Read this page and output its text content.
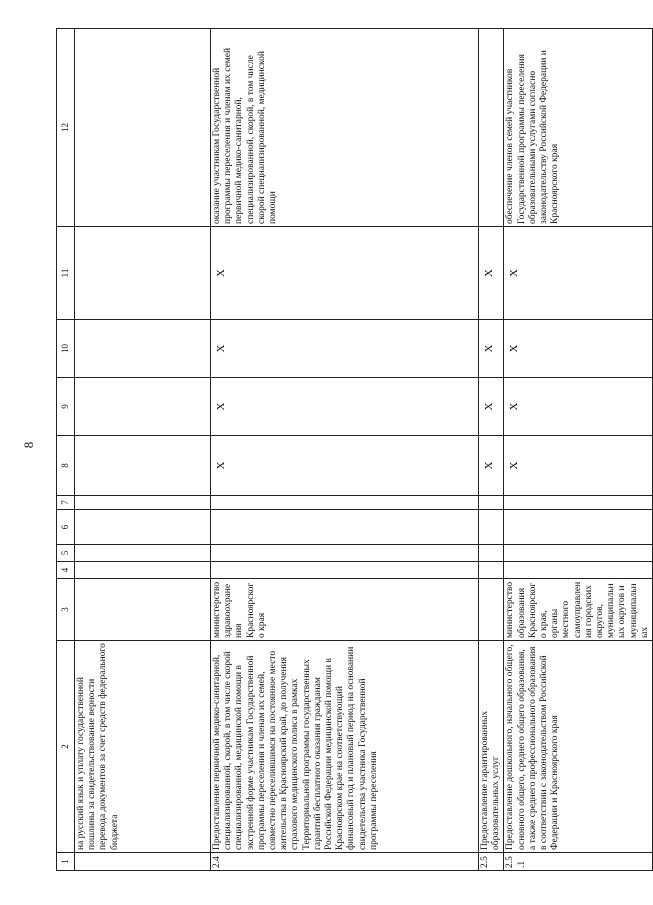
8
1	2	3	4	5	6	7	8	9	10	11	12
	на русский язык и уплату государственной пошлины за свидетельствование верности перевода документов за счет средств федерального бюджета										
2.4	Предоставление первичной медико-санитарной, специализированной, скорой, в том числе скорой специализированной, медицинской помощи в экстренной форме участникам Государственной программы переселения и членам их семей, совместно переселившимся на постоянное место жительства в Красноярский край, до получения страхового медицинского полиса в рамках Территориальной программы государственных гарантий бесплатного оказания гражданам Российской Федерации медицинской помощи в Красноярском крае на соответствующий финансовый год и плановый период на основании свидетельства участника Государственной программы переселения	министерство здравоохранения Красноярского края					X	X	X	X	оказание участникам Государственной программы переселения и членам их семей первичной медико-санитарной, специализированной, скорой, в том числе скорой специализированной, медицинской помощи
2.5	Предоставление гарантированных образовательных услуг						X	X	X	X	
2.5.1	Предоставление дошкольного, начального общего, основного общего, среднего общего образования, а также среднего профессионального образования в соответствии с законодательством Российской Федерации и Красноярского края	министерство образования Красноярского края, органы местного самоуправления городских округов, муниципальных округов и муниципальных					X	X	X	X	обеспечение членов семей участников Государственной программы переселения образовательными услугами согласно законодательству Российской Федерации и Красноярского края
